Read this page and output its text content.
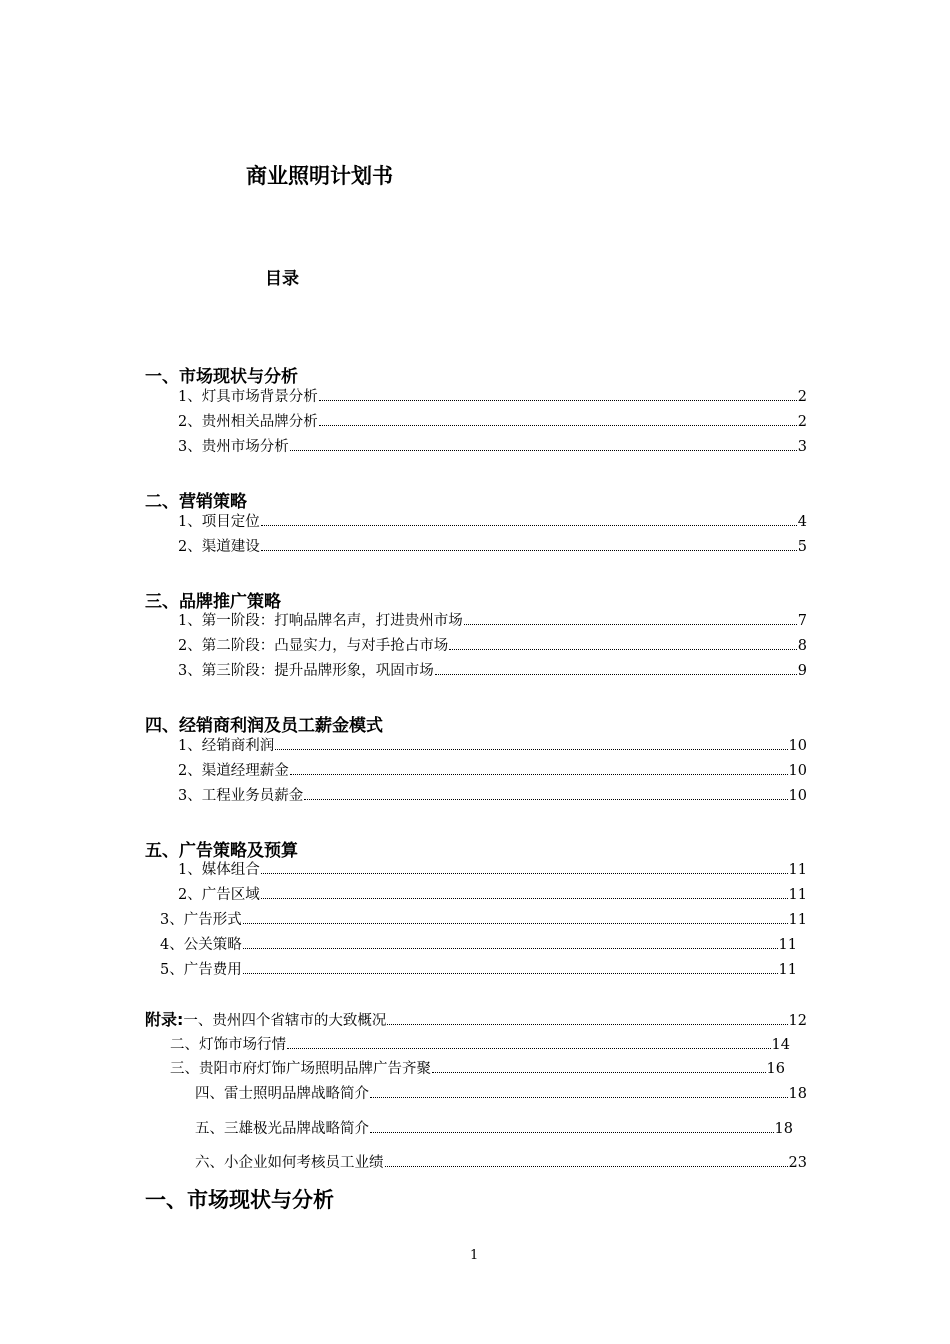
商业照明计划书
目录
一、市场现状与分析
1、灯具市场背景分析	2
2、贵州相关品牌分析	2
3、贵州市场分析	3
二、营销策略
1、项目定位	4
2、渠道建设	5
三、品牌推广策略
1、第一阶段：打响品牌名声，打进贵州市场	7
2、第二阶段：凸显实力，与对手抢占市场	8
3、第三阶段：提升品牌形象，巩固市场	9
四、经销商利润及员工薪金模式
1、经销商利润	10
2、渠道经理薪金	10
3、工程业务员薪金	10
五、广告策略及预算
1、媒体组合	11
2、广告区域	11
3、广告形式	11
4、公关策略	11
5、广告费用	11
附录:一、贵州四个省辖市的大致概况	12
二、灯饰市场行情	14
三、贵阳市府灯饰广场照明品牌广告齐聚	16
四、雷士照明品牌战略简介	18
五、三雄极光品牌战略简介	18
六、小企业如何考核员工业绩	23
一、市场现状与分析
1
